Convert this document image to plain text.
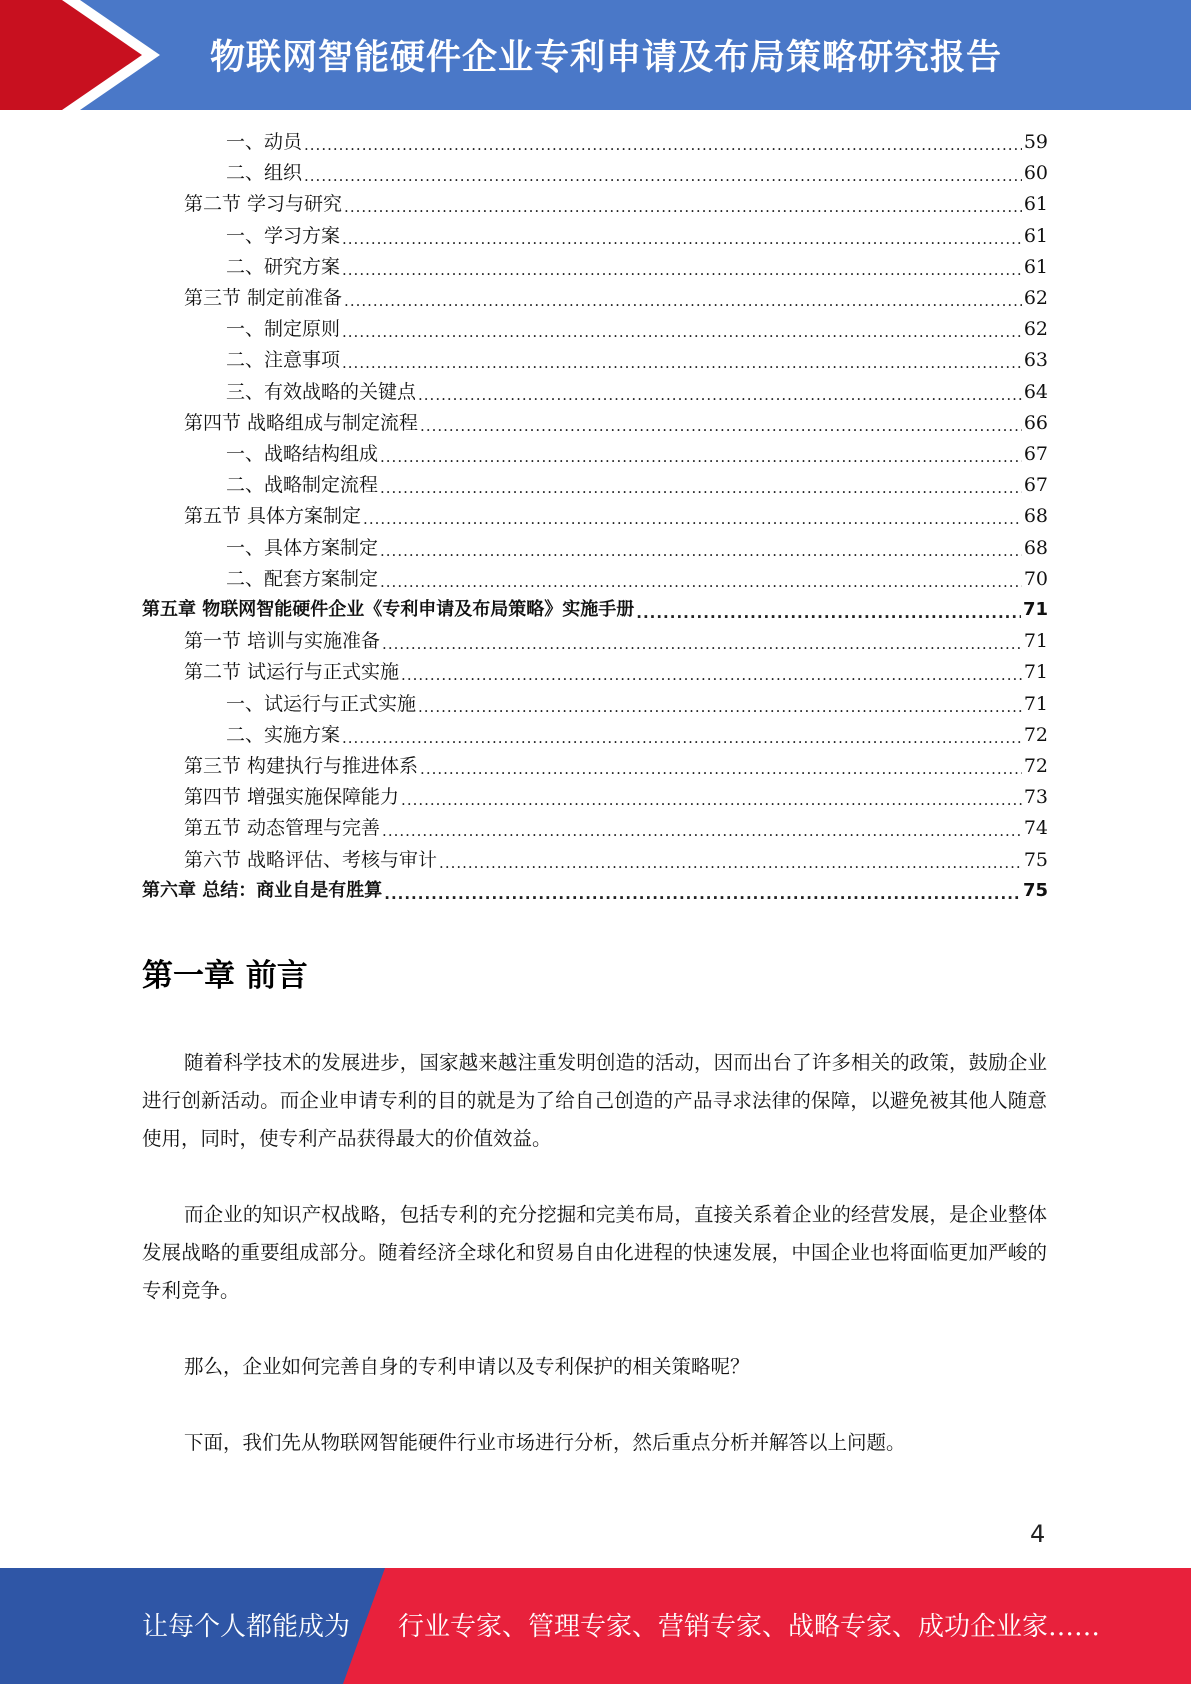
物联网智能硬件企业专利申请及布局策略研究报告
一、动员 .....	59
二、组织 .....	60
第二节 学习与研究 .....	61
一、学习方案 .....	61
二、研究方案 .....	61
第三节 制定前准备 .....	62
一、制定原则 .....	62
二、注意事项 .....	63
三、有效战略的关键点 .....	64
第四节 战略组成与制定流程 .....	66
一、战略结构组成 .....	67
二、战略制定流程 .....	67
第五节 具体方案制定 .....	68
一、具体方案制定 .....	68
二、配套方案制定 .....	70
第五章 物联网智能硬件企业《专利申请及布局策略》实施手册 .....	71
第一节 培训与实施准备 .....	71
第二节 试运行与正式实施 .....	71
一、试运行与正式实施 .....	71
二、实施方案 .....	72
第三节 构建执行与推进体系 .....	72
第四节 增强实施保障能力 .....	73
第五节 动态管理与完善 .....	74
第六节 战略评估、考核与审计 .....	75
第六章 总结：商业自是有胜算 .....	75
第一章 前言

随着科学技术的发展进步，国家越来越注重发明创造的活动，因而出台了许多相关的政策，鼓励企业进行创新活动。而企业申请专利的目的就是为了给自己创造的产品寻求法律的保障，以避免被其他人随意使用，同时，使专利产品获得最大的价值效益。

而企业的知识产权战略，包括专利的充分挖掘和完美布局，直接关系着企业的经营发展，是企业整体发展战略的重要组成部分。随着经济全球化和贸易自由化进程的快速发展，中国企业也将面临更加严峻的专利竞争。

那么，企业如何完善自身的专利申请以及专利保护的相关策略呢？

下面，我们先从物联网智能硬件行业市场进行分析，然后重点分析并解答以上问题。

4
让每个人都能成为 行业专家、管理专家、营销专家、战略专家、成功企业家……
